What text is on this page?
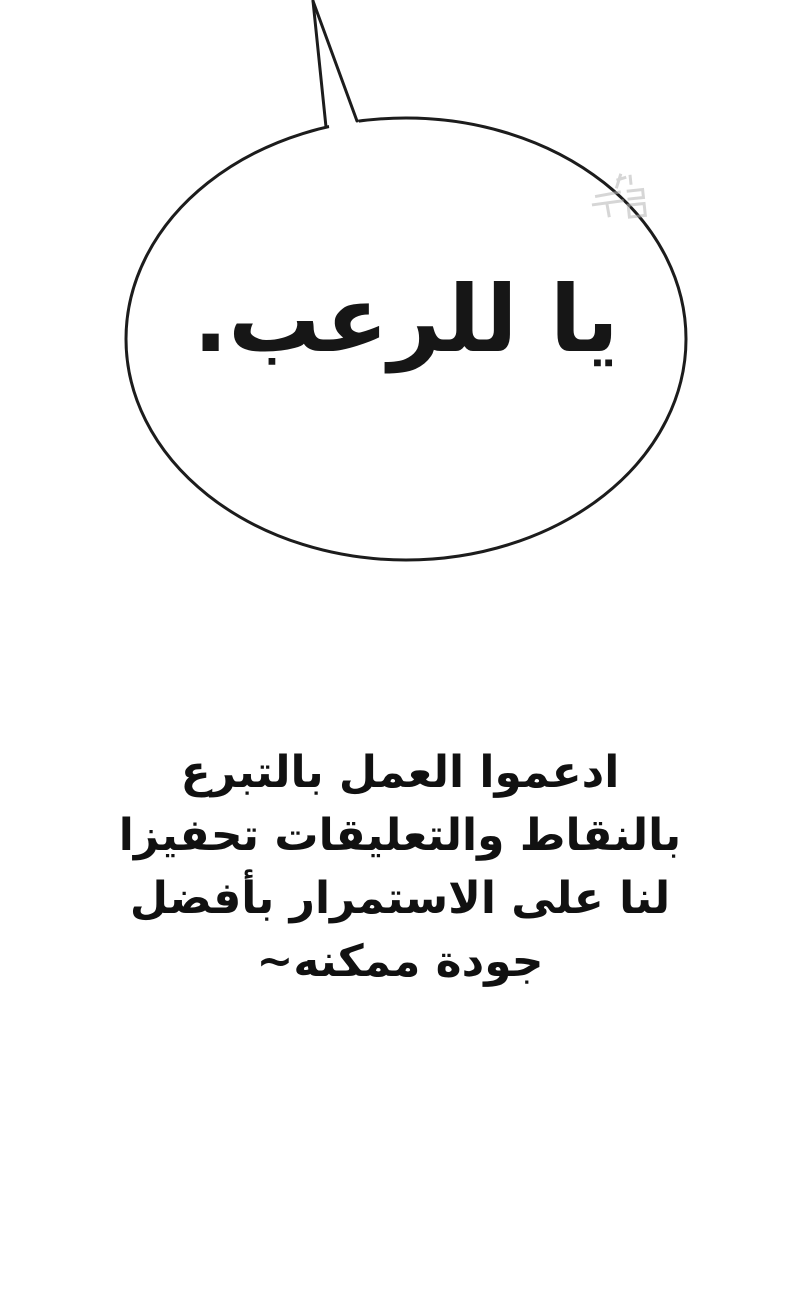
يا للرعب.
ادعموا العمل بالتبرع
بالنقاط والتعليقات تحفيزا
لنا على الاستمرار بأفضل
جودة ممكنه~
